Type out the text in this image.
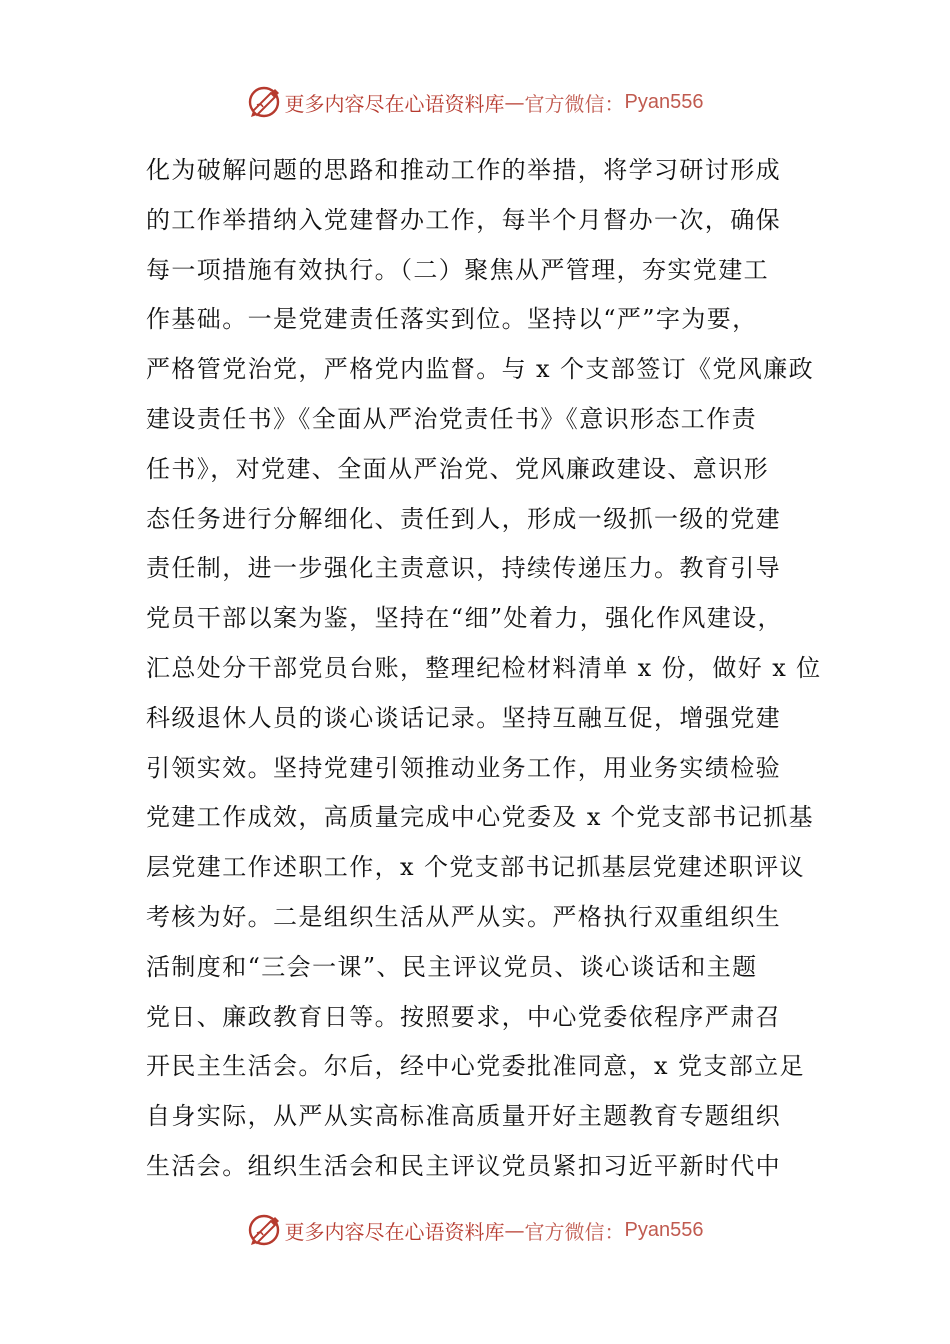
更多内容尽在心语资料库 — 官方微信： Pyan556
化为破解问题的思路和推动工作的举措，将学习研讨形成
的工作举措纳入党建督办工作，每半个月督办一次，确保
每一项措施有效执行。（二）聚焦从严管理，夯实党建工
作基础。一是党建责任落实到位。坚持以“严”字为要，
严格管党治党，严格党内监督。与 x 个支部签订《党风廉政
建设责任书》《全面从严治党责任书》《意识形态工作责
任书》，对党建、全面从严治党、党风廉政建设、意识形
态任务进行分解细化、责任到人，形成一级抓一级的党建
责任制，进一步强化主责意识，持续传递压力。教育引导
党员干部以案为鉴，坚持在“细”处着力，强化作风建设，
汇总处分干部党员台账，整理纪检材料清单 x 份，做好 x 位
科级退休人员的谈心谈话记录。坚持互融互促，增强党建
引领实效。坚持党建引领推动业务工作，用业务实绩检验
党建工作成效，高质量完成中心党委及 x 个党支部书记抓基
层党建工作述职工作，x 个党支部书记抓基层党建述职评议
考核为好。二是组织生活从严从实。严格执行双重组织生
活制度和“三会一课”、民主评议党员、谈心谈话和主题
党日、廉政教育日等。按照要求，中心党委依程序严肃召
开民主生活会。尔后，经中心党委批准同意，x 党支部立足
自身实际，从严从实高标准高质量开好主题教育专题组织
生活会。组织生活会和民主评议党员紧扣习近平新时代中
更多内容尽在心语资料库 — 官方微信： Pyan556
